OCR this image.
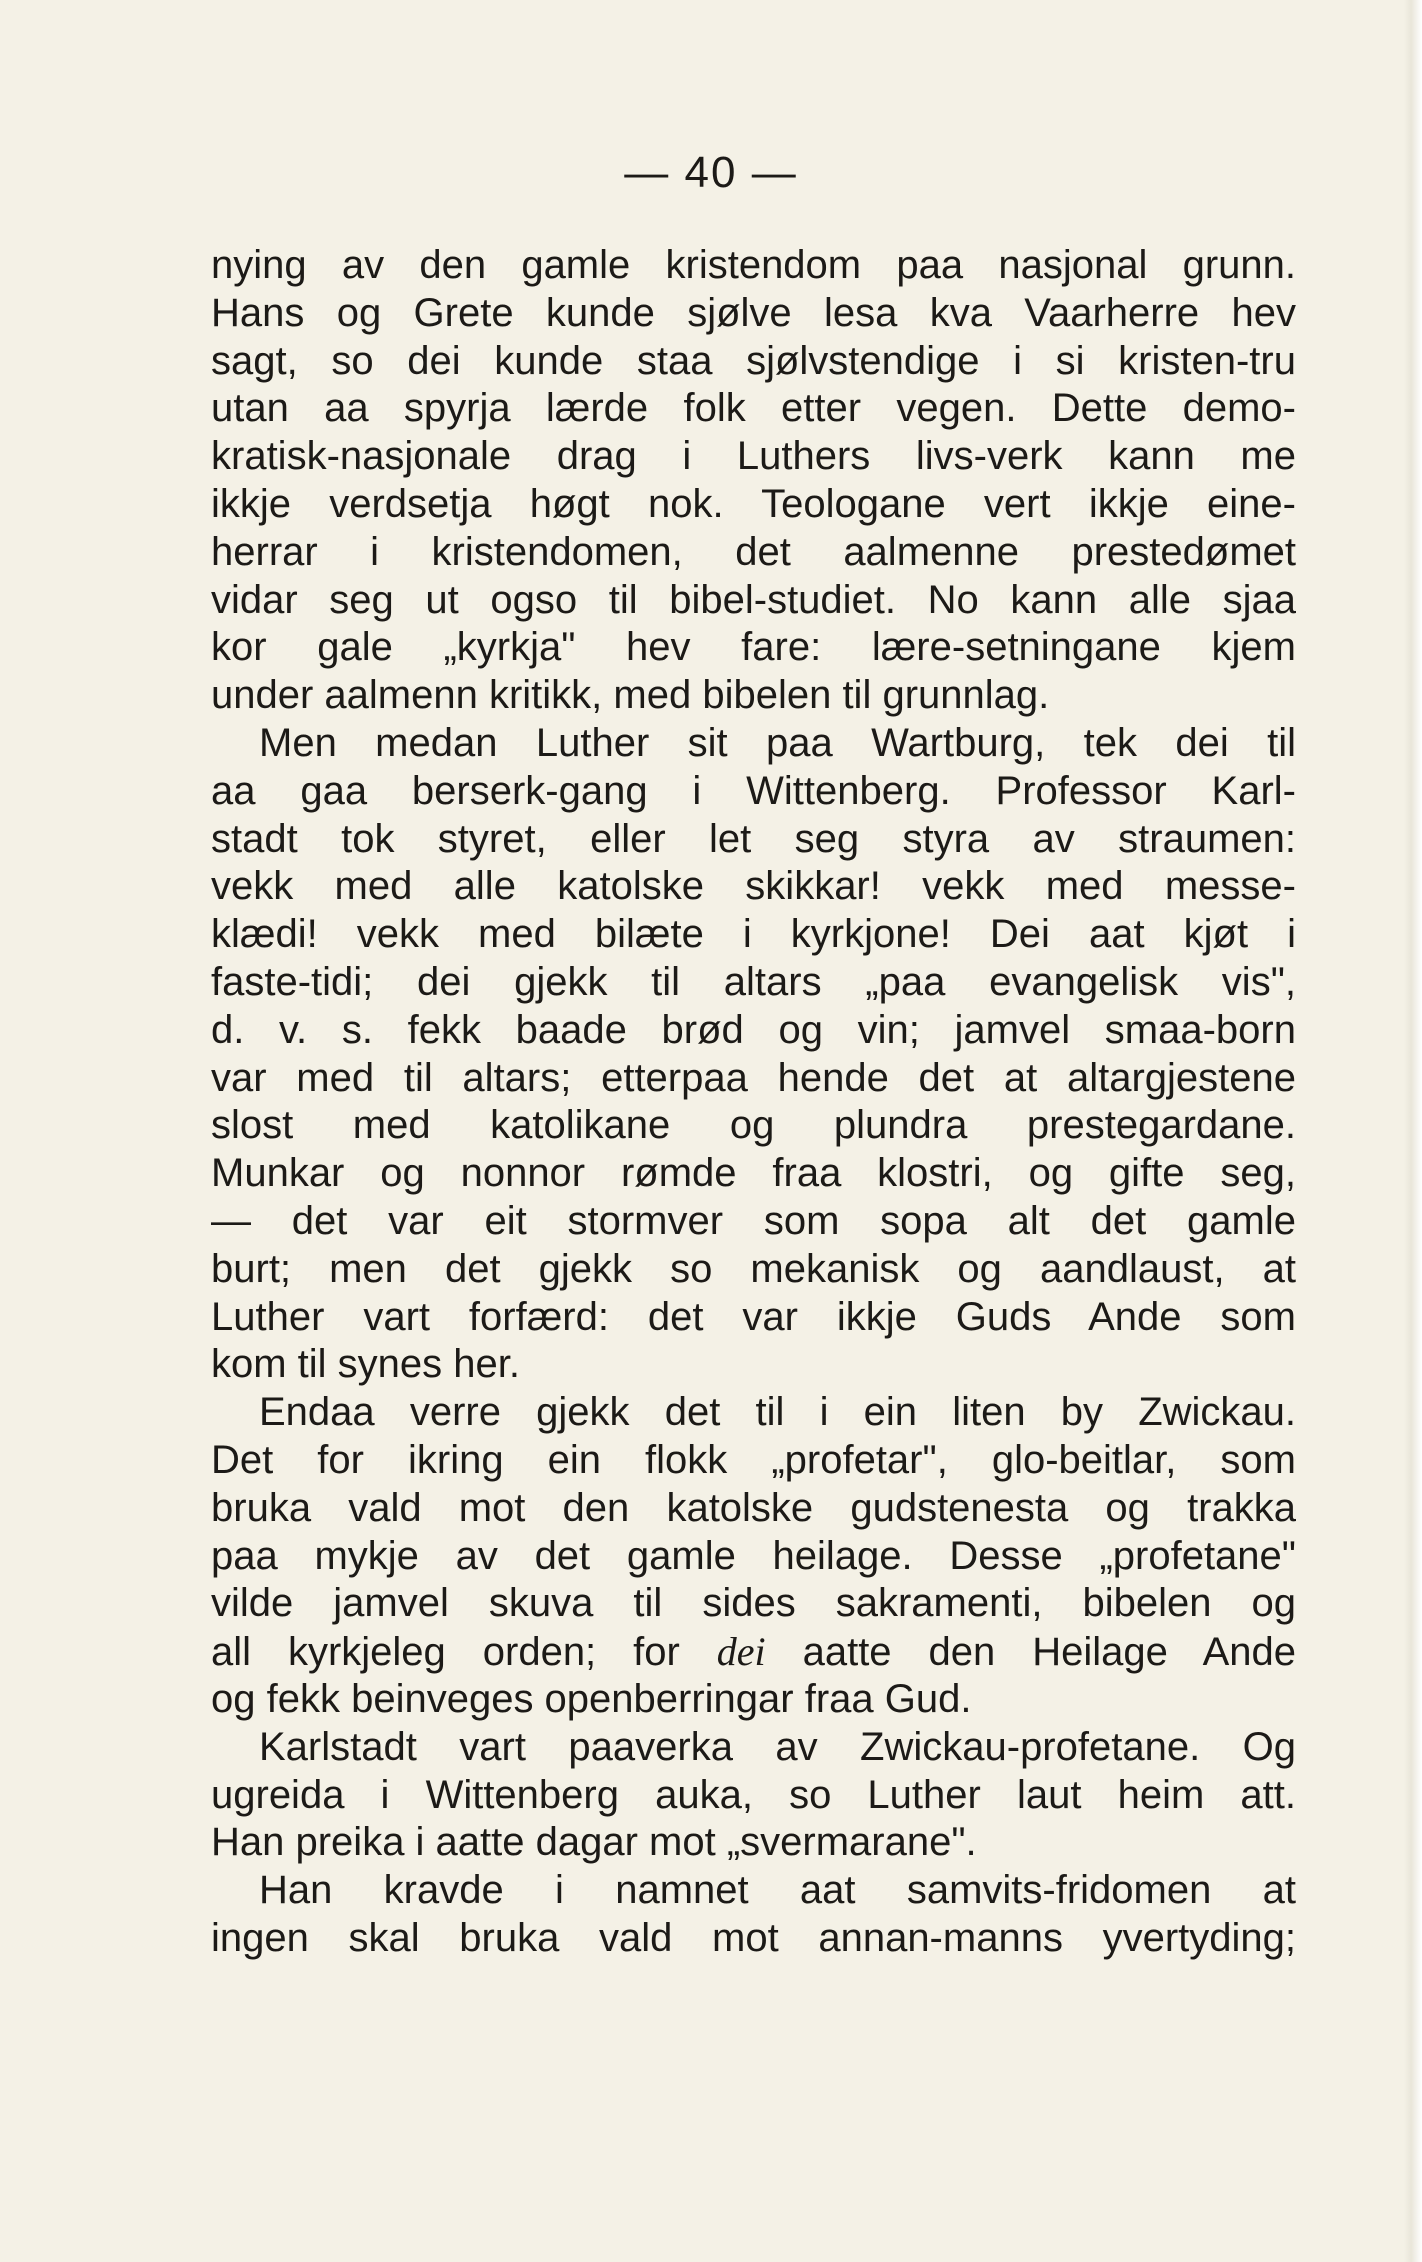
— 40 —
nying av den gamle kristendom paa nasjonal grunn.
Hans og Grete kunde sjølve lesa kva Vaarherre hev
sagt, so dei kunde staa sjølvstendige i si kristen-tru
utan aa spyrja lærde folk etter vegen. Dette demo-
kratisk-nasjonale drag i Luthers livs-verk kann me
ikkje verdsetja høgt nok. Teologane vert ikkje eine-
herrar i kristendomen, det aalmenne prestedømet
vidar seg ut ogso til bibel-studiet. No kann alle sjaa
kor gale „kyrkja" hev fare: lære-setningane kjem
under aalmenn kritikk, med bibelen til grunnlag.
Men medan Luther sit paa Wartburg, tek dei til
aa gaa berserk-gang i Wittenberg. Professor Karl-
stadt tok styret, eller let seg styra av straumen:
vekk med alle katolske skikkar! vekk med messe-
klædi! vekk med bilæte i kyrkjone! Dei aat kjøt i
faste-tidi; dei gjekk til altars „paa evangelisk vis",
d. v. s. fekk baade brød og vin; jamvel smaa-born
var med til altars; etterpaa hende det at altargjestene
slost med katolikane og plundra prestegardane.
Munkar og nonnor rømde fraa klostri, og gifte seg,
— det var eit stormver som sopa alt det gamle
burt; men det gjekk so mekanisk og aandlaust, at
Luther vart forfærd: det var ikkje Guds Ande som
kom til synes her.
Endaa verre gjekk det til i ein liten by Zwickau.
Det for ikring ein flokk „profetar", glo-beitlar, som
bruka vald mot den katolske gudstenesta og trakka
paa mykje av det gamle heilage. Desse „profetane"
vilde jamvel skuva til sides sakramenti, bibelen og
all kyrkjeleg orden; for dei aatte den Heilage Ande
og fekk beinveges openberringar fraa Gud.
Karlstadt vart paaverka av Zwickau-profetane. Og
ugreida i Wittenberg auka, so Luther laut heim att.
Han preika i aatte dagar mot „svermarane".
Han kravde i namnet aat samvits-fridomen at
ingen skal bruka vald mot annan-manns yvertyding;
